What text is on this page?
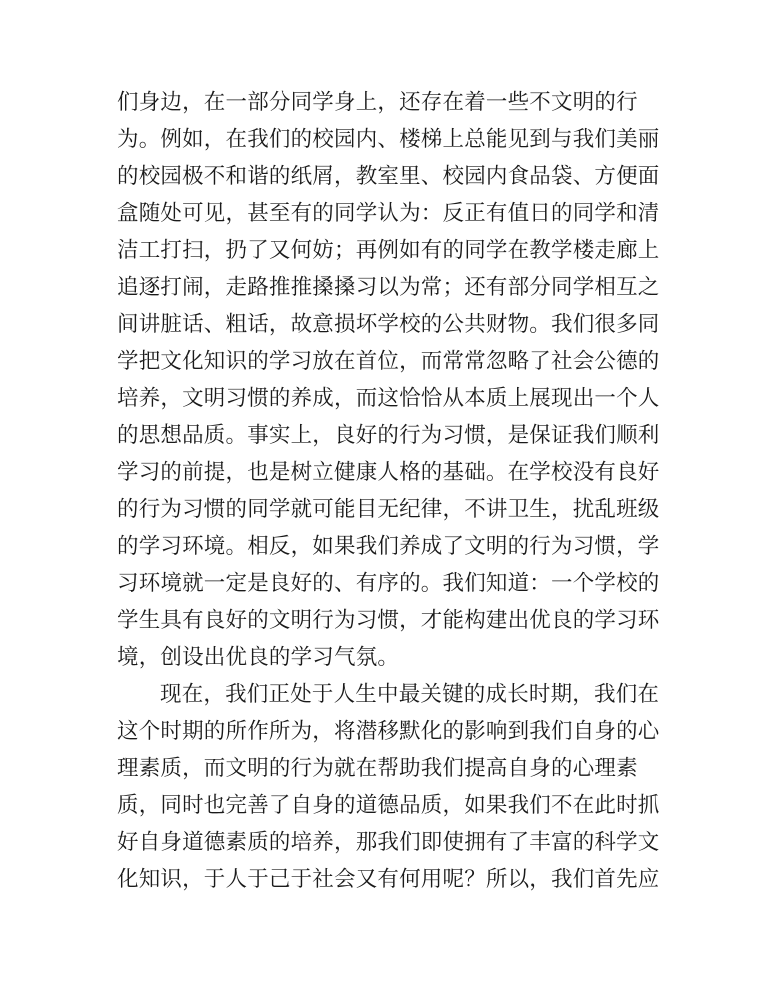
们身边，在一部分同学身上，还存在着一些不文明的行
为。例如，在我们的校园内、楼梯上总能见到与我们美丽
的校园极不和谐的纸屑，教室里、校园内食品袋、方便面
盒随处可见，甚至有的同学认为：反正有值日的同学和清
洁工打扫，扔了又何妨；再例如有的同学在教学楼走廊上
追逐打闹，走路推推搡搡习以为常；还有部分同学相互之
间讲脏话、粗话，故意损坏学校的公共财物。我们很多同
学把文化知识的学习放在首位，而常常忽略了社会公德的
培养，文明习惯的养成，而这恰恰从本质上展现出一个人
的思想品质。事实上，良好的行为习惯，是保证我们顺利
学习的前提，也是树立健康人格的基础。在学校没有良好
的行为习惯的同学就可能目无纪律，不讲卫生，扰乱班级
的学习环境。相反，如果我们养成了文明的行为习惯，学
习环境就一定是良好的、有序的。我们知道：一个学校的
学生具有良好的文明行为习惯，才能构建出优良的学习环
境，创设出优良的学习气氛。
现在，我们正处于人生中最关键的成长时期，我们在
这个时期的所作所为，将潜移默化的影响到我们自身的心
理素质，而文明的行为就在帮助我们提高自身的心理素
质，同时也完善了自身的道德品质，如果我们不在此时抓
好自身道德素质的培养，那我们即使拥有了丰富的科学文
化知识，于人于己于社会又有何用呢？所以，我们首先应
